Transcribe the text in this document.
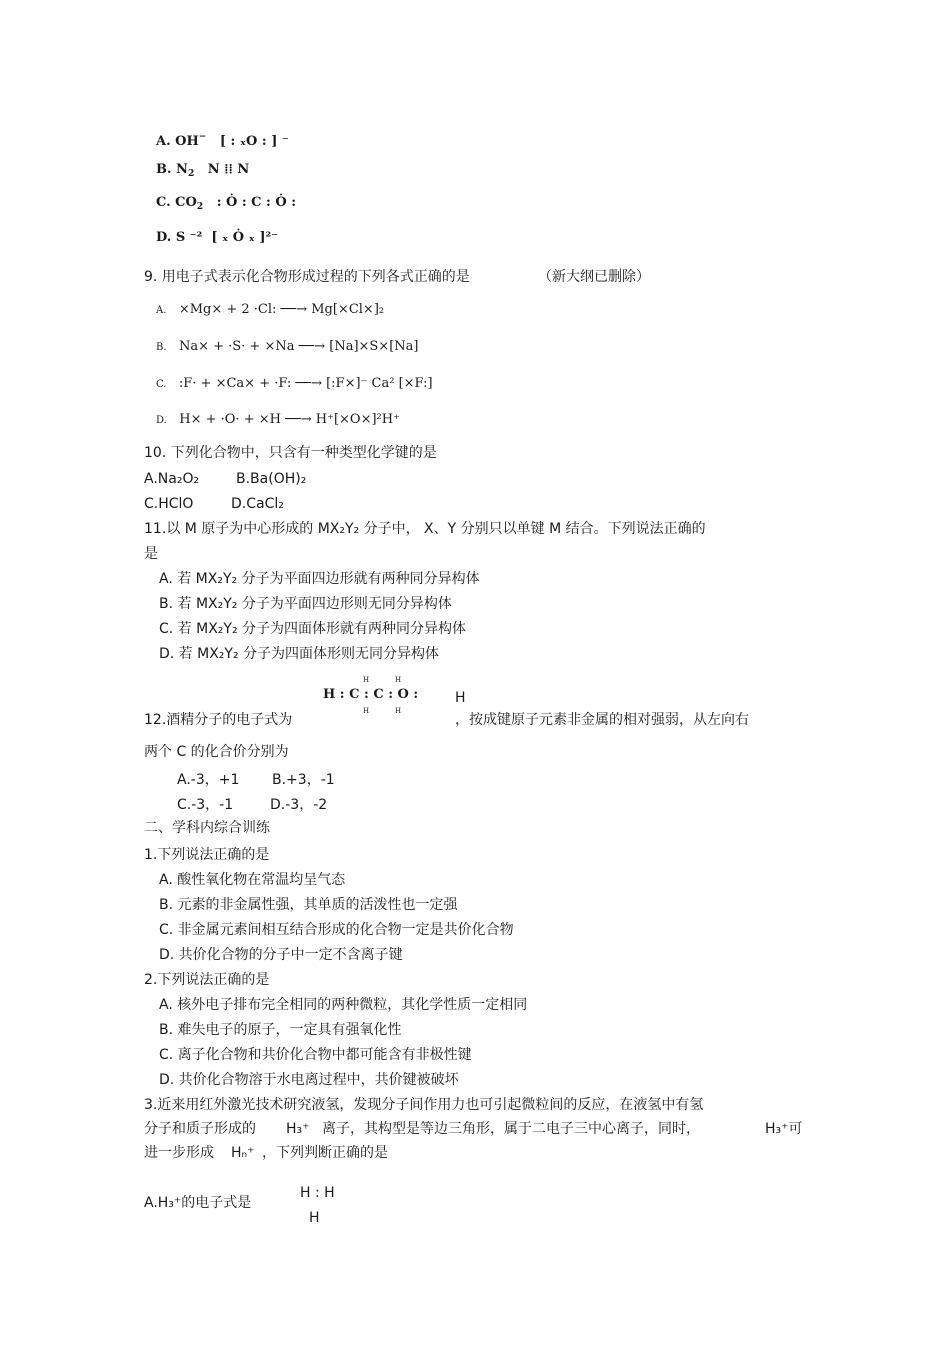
A. OH− [ : ₓO : ] ⁻
B. $N_2$ N ⁞⁞ N
C. $CO_2$ : Ȯ : C : Ȯ :
D. S ⁻² [ ₓ Ȯ ₓ ]²⁻
9. 用电子式表示化合物形成过程的下列各式正确的是	（新大纲已删除）
A. ×Mg× + 2 ·Cl: ──→ Mg[×Cl×]₂
B. Na× + ·S· + ×Na ──→ [Na]×S×[Na]
C. :F· + ×Ca× + ·F: ──→ [:F×]⁻ Ca² [×F:]
D. H× + ·O· + ×H ──→ H⁺[×O×]²H⁺
10. 下列化合物中，只含有一种类型化学键的是
A.Na₂O₂	B.Ba(OH)₂
C.HClO	D.CaCl₂
11.以 M 原子为中心形成的 MX₂Y₂ 分子中， X、Y 分别只以单键 M 结合。下列说法正确的
是
A. 若 MX₂Y₂ 分子为平面四边形就有两种同分异构体
B. 若 MX₂Y₂ 分子为平面四边形则无同分异构体
C. 若 MX₂Y₂ 分子为四面体形就有两种同分异构体
D. 若 MX₂Y₂ 分子为四面体形则无同分异构体
H	H
H : C : C : O :	H
H	H
12.酒精分子的电子式为	，按成键原子元素非金属的相对强弱，从左向右
两个 C 的化合价分别为
A.-3，+1 B.+3，-1
C.-3，-1	D.-3，-2
二、学科内综合训练
1.下列说法正确的是
A. 酸性氧化物在常温均呈气态
B. 元素的非金属性强，其单质的活泼性也一定强
C. 非金属元素间相互结合形成的化合物一定是共价化合物
D. 共价化合物的分子中一定不含离子键
2.下列说法正确的是
A. 核外电子排布完全相同的两种微粒，其化学性质一定相同
B. 难失电子的原子，一定具有强氧化性
C. 离子化合物和共价化合物中都可能含有非极性键
D. 共价化合物溶于水电离过程中，共价键被破坏
3.近来用红外激光技术研究液氢，发现分子间作用力也可引起微粒间的反应，在液氢中有氢
分子和质子形成的 H₃⁺ 离子，其构型是等边三角形，属于二电子三中心离子，同时，	H₃⁺可
进一步形成 Hₙ⁺ ，下列判断正确的是
A.H₃⁺的电子式是
H : H
H
